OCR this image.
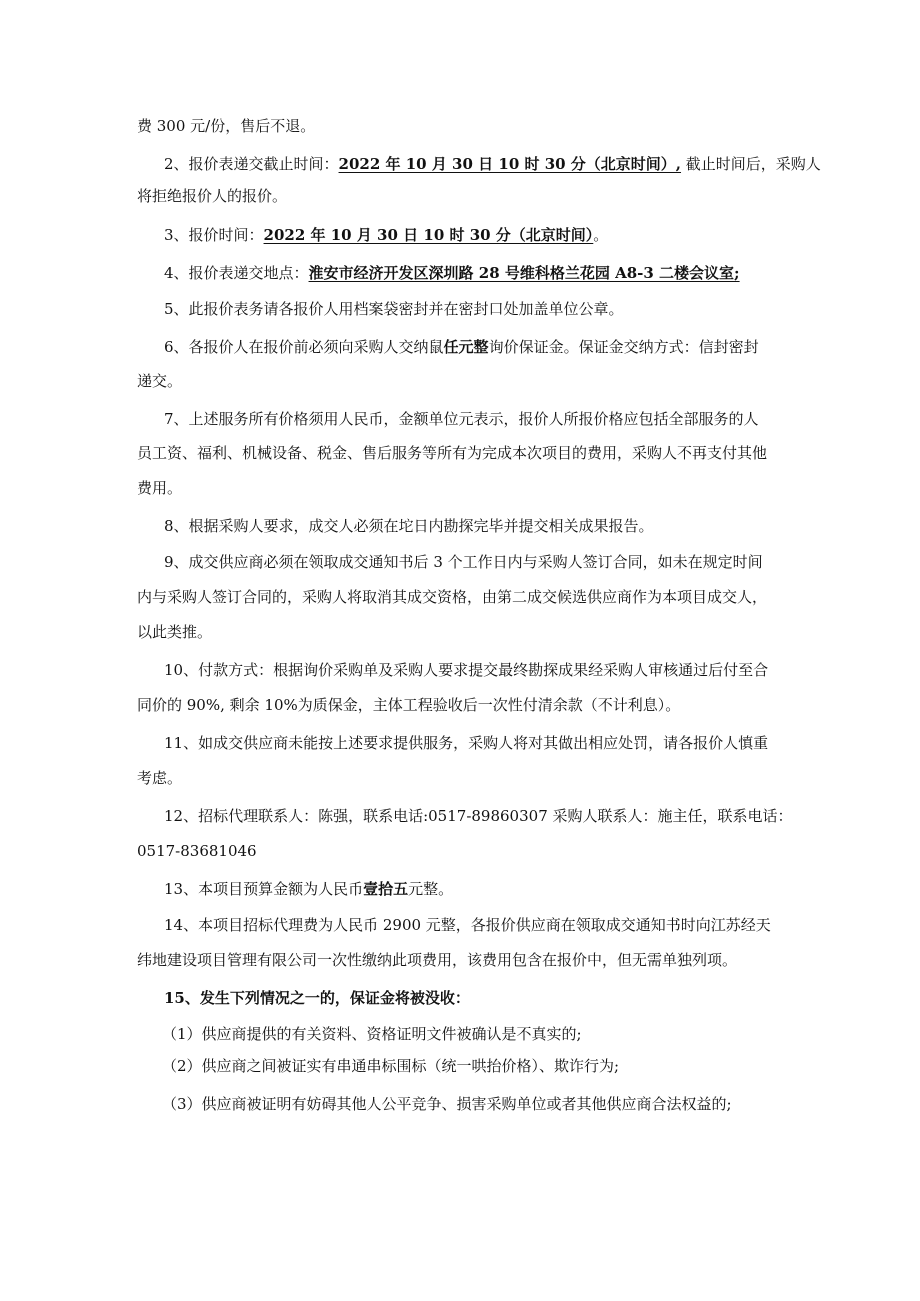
费 300 元/份，售后不退。
2、报价表递交截止时间：2022 年 10 月 30 日 10 时 30 分（北京时间）, 截止时间后，采购人
将拒绝报价人的报价。
3、报价时间：2022 年 10 月 30 日 10 时 30 分（北京时间）。
4、报价表递交地点：淮安市经济开发区深圳路 28 号维科格兰花园 A8-3 二楼会议室;
5、此报价表务请各报价人用档案袋密封并在密封口处加盖单位公章。
6、各报价人在报价前必须向采购人交纳鼠任元整询价保证金。保证金交纳方式：信封密封
递交。
7、上述服务所有价格须用人民币，金额单位元表示，报价人所报价格应包括全部服务的人
员工资、福利、机械设备、税金、售后服务等所有为完成本次项目的费用，采购人不再支付其他
费用。
8、根据采购人要求，成交人必须在坨日内勘探完毕并提交相关成果报告。
9、成交供应商必须在领取成交通知书后 3 个工作日内与采购人签订合同，如未在规定时间
内与采购人签订合同的，采购人将取消其成交资格，由第二成交候选供应商作为本项目成交人，
以此类推。
10、付款方式：根据询价采购单及采购人要求提交最终勘探成果经采购人审核通过后付至合
同价的 90%, 剩余 10%为质保金，主体工程验收后一次性付清余款（不计利息）。
11、如成交供应商未能按上述要求提供服务，采购人将对其做出相应处罚，请各报价人慎重
考虑。
12、招标代理联系人：陈强，联系电话:0517-89860307 采购人联系人：施主任，联系电话：
0517-83681046
13、本项目预算金额为人民币壹拾五元整。
14、本项目招标代理费为人民币 2900 元整，各报价供应商在领取成交通知书时向江苏经天
纬地建设项目管理有限公司一次性缴纳此项费用，该费用包含在报价中，但无需单独列项。
15、发生下列情况之一的，保证金将被没收：
（1）供应商提供的有关资料、资格证明文件被确认是不真实的;
（2）供应商之间被证实有串通串标围标（统一哄抬价格）、欺诈行为;
（3）供应商被证明有妨碍其他人公平竞争、损害采购单位或者其他供应商合法权益的;
